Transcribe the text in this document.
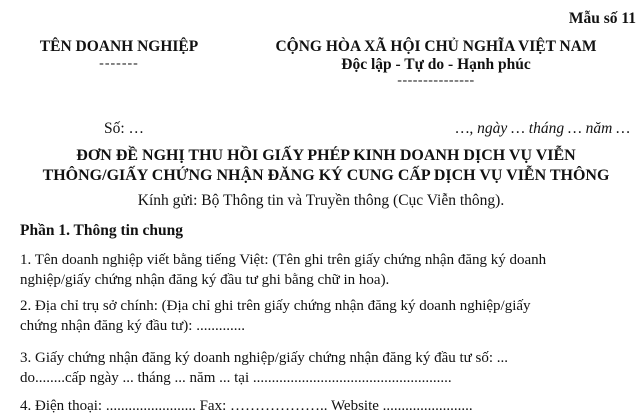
Mẫu số 11
TÊN DOANH NGHIỆP
-------
CỘNG HÒA XÃ HỘI CHỦ NGHĨA VIỆT NAM
Độc lập - Tự do - Hạnh phúc
---------------
Số: …	…, ngày … tháng … năm …
ĐƠN ĐỀ NGHỊ THU HỒI GIẤY PHÉP KINH DOANH DỊCH VỤ VIỄN
THÔNG/GIẤY CHỨNG NHẬN ĐĂNG KÝ CUNG CẤP DỊCH VỤ VIỄN THÔNG
Kính gửi: Bộ Thông tin và Truyền thông (Cục Viễn thông).
Phần 1. Thông tin chung
1. Tên doanh nghiệp viết bằng tiếng Việt: (Tên ghi trên giấy chứng nhận đăng ký doanh
nghiệp/giấy chứng nhận đăng ký đầu tư ghi bằng chữ in hoa).
2. Địa chỉ trụ sở chính: (Địa chỉ ghi trên giấy chứng nhận đăng ký doanh nghiệp/giấy
chứng nhận đăng ký đầu tư): .............
3. Giấy chứng nhận đăng ký doanh nghiệp/giấy chứng nhận đăng ký đầu tư số: ...
do........cấp ngày ... tháng ... năm ... tại .....................................................
4. Điện thoại: ........................ Fax: ……………….. Website ........................
